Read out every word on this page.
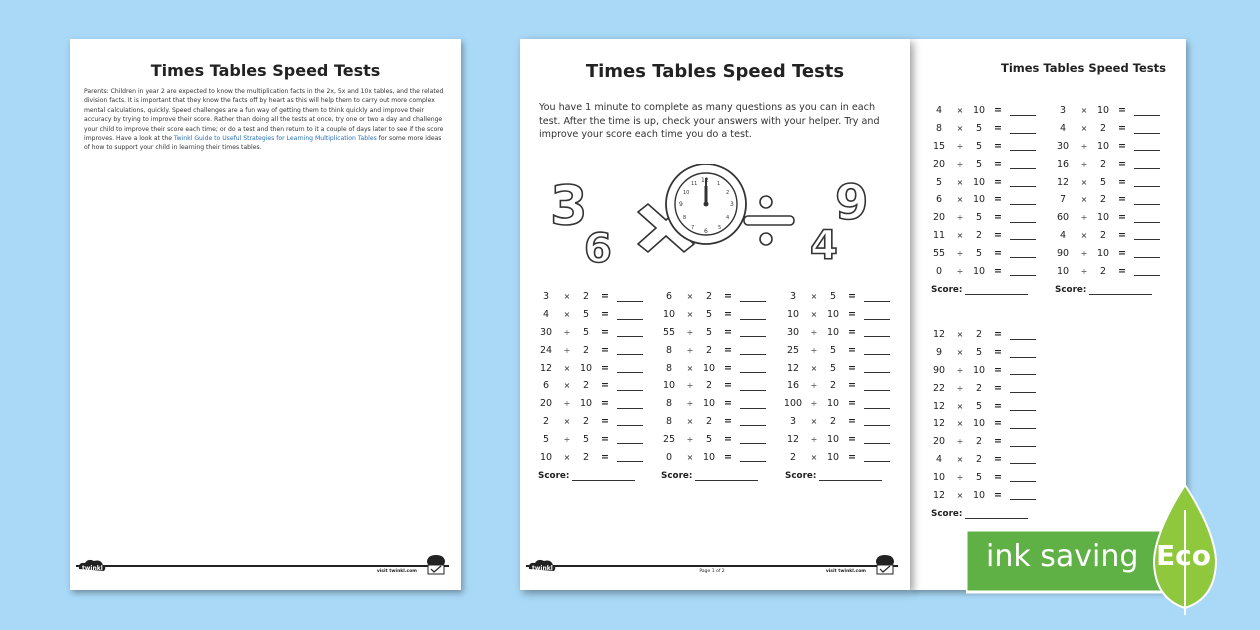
Times Tables Speed Tests
Parents: Children in year 2 are expected to know the multiplication facts in the 2x, 5x and 10x tables, and the related division facts. It is important that they know the facts off by heart as this will help them to carry out more complex mental calculations, quickly. Speed challenges are a fun way of getting them to think quickly and improve their accuracy by trying to improve their score. Rather than doing all the tests at once, try one or two a day and challenge your child to improve their score each time; or do a test and then return to it a couple of days later to see if the score improves. Have a look at the Twinkl Guide to Useful Strategies for Learning Multiplication Tables for some more ideas of how to support your child in learning their times tables.
twinkl	visit twinkl.com
Times Tables Speed Tests
Times Tables Speed Tests
You have 1 minute to complete as many questions as you can in each test. After the time is up, check your answers with your helper. Try and improve your score each time you do a test.
3
6
12
3
6
9
1
2
4
5
7
8
10
11
4
9
3	×	2	=
4	×	5	=
30	÷	5	=
24	÷	2	=
12	×	10 =
6	×	2	=
20	÷	10 =
2	×	2	=
5	÷	5	=
10	×	2	=
Score:
6	×	2	=
10	×	5	=
55	÷	5	=
8	÷	2	=
8	×	10 =
10	÷	2	=
8	÷	10 =
8	×	2	=
25	÷	5	=
0	×	10 =
Score:
3	×	5	=
10	×	10 =
30	÷	10 =
25	÷	5	=
12	×	5	=
16	÷	2	=
100	÷	10 =
3	×	2	=
12	÷	10 =
2	×	10 =
Score:
twinkl	Page 1 of 2	visit twinkl.com
4	×	10 =
8	×	5	=
15	÷	5	=
20	÷	5	=
5	×	10 =
6	×	10 =
20	÷	5	=
11	×	2	=
55	÷	5	=
0	÷	10 =
Score:
3	×	10 =
4	×	2	=
30	÷	10 =
16	÷	2	=
12	×	5	=
7	×	2	=
60	÷	10 =
4	×	2	=
90	÷	10 =
10	÷	2	=
Score:
12	×	2	=
9	×	5	=
90	÷	10 =
22	÷	2	=
12	×	5	=
12	×	10 =
20	÷	2	=
4	×	2	=
10	÷	5	=
12	×	10 =
Score:
ink saving Eco
